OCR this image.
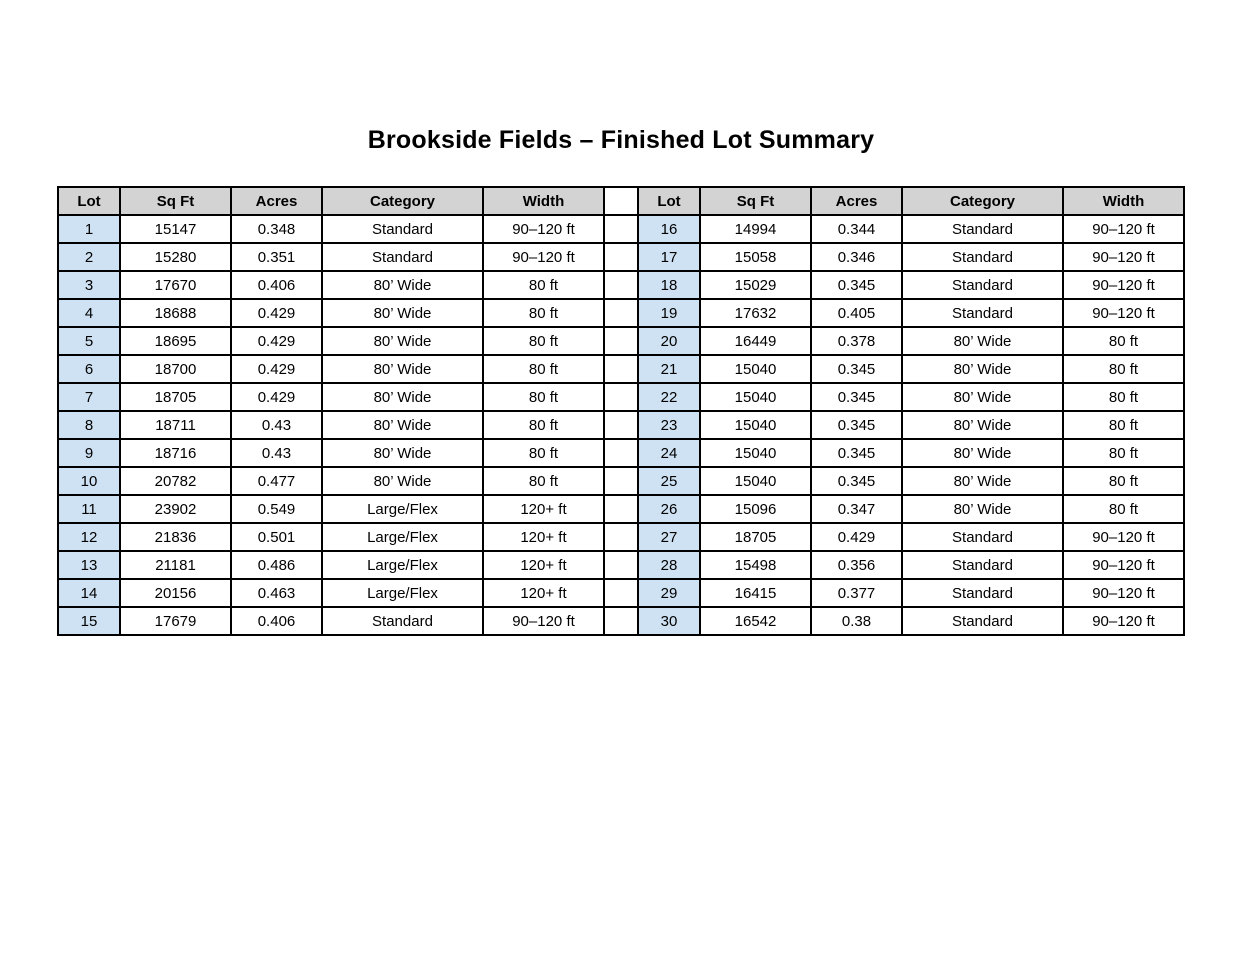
Brookside Fields – Finished Lot Summary
Lot	Sq Ft	Acres	Category	Width		Lot	Sq Ft	Acres	Category	Width
1	15147	0.348	Standard	90–120 ft		16	14994	0.344	Standard	90–120 ft
2	15280	0.351	Standard	90–120 ft		17	15058	0.346	Standard	90–120 ft
3	17670	0.406	80’ Wide	80 ft		18	15029	0.345	Standard	90–120 ft
4	18688	0.429	80’ Wide	80 ft		19	17632	0.405	Standard	90–120 ft
5	18695	0.429	80’ Wide	80 ft		20	16449	0.378	80’ Wide	80 ft
6	18700	0.429	80’ Wide	80 ft		21	15040	0.345	80’ Wide	80 ft
7	18705	0.429	80’ Wide	80 ft		22	15040	0.345	80’ Wide	80 ft
8	18711	0.43	80’ Wide	80 ft		23	15040	0.345	80’ Wide	80 ft
9	18716	0.43	80’ Wide	80 ft		24	15040	0.345	80’ Wide	80 ft
10	20782	0.477	80’ Wide	80 ft		25	15040	0.345	80’ Wide	80 ft
11	23902	0.549	Large/Flex	120+ ft		26	15096	0.347	80’ Wide	80 ft
12	21836	0.501	Large/Flex	120+ ft		27	18705	0.429	Standard	90–120 ft
13	21181	0.486	Large/Flex	120+ ft		28	15498	0.356	Standard	90–120 ft
14	20156	0.463	Large/Flex	120+ ft		29	16415	0.377	Standard	90–120 ft
15	17679	0.406	Standard	90–120 ft		30	16542	0.38	Standard	90–120 ft
